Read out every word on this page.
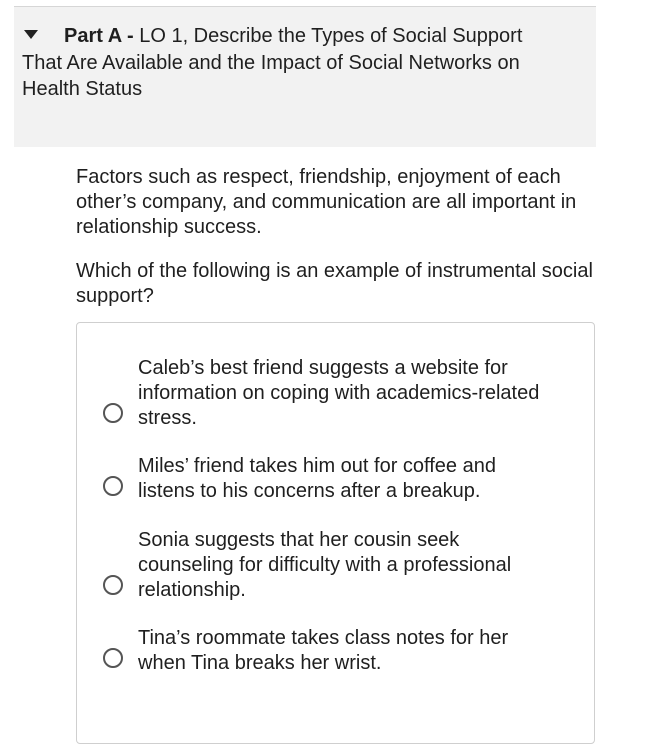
Part A - LO 1, Describe the Types of Social Support That Are Available and the Impact of Social Networks on Health Status

Factors such as respect, friendship, enjoyment of each other’s company, and communication are all important in relationship success.

Which of the following is an example of instrumental social support?

Caleb’s best friend suggests a website for information on coping with academics-related stress.
Miles’ friend takes him out for coffee and listens to his concerns after a breakup.
Sonia suggests that her cousin seek counseling for difficulty with a professional relationship.
Tina’s roommate takes class notes for her when Tina breaks her wrist.
